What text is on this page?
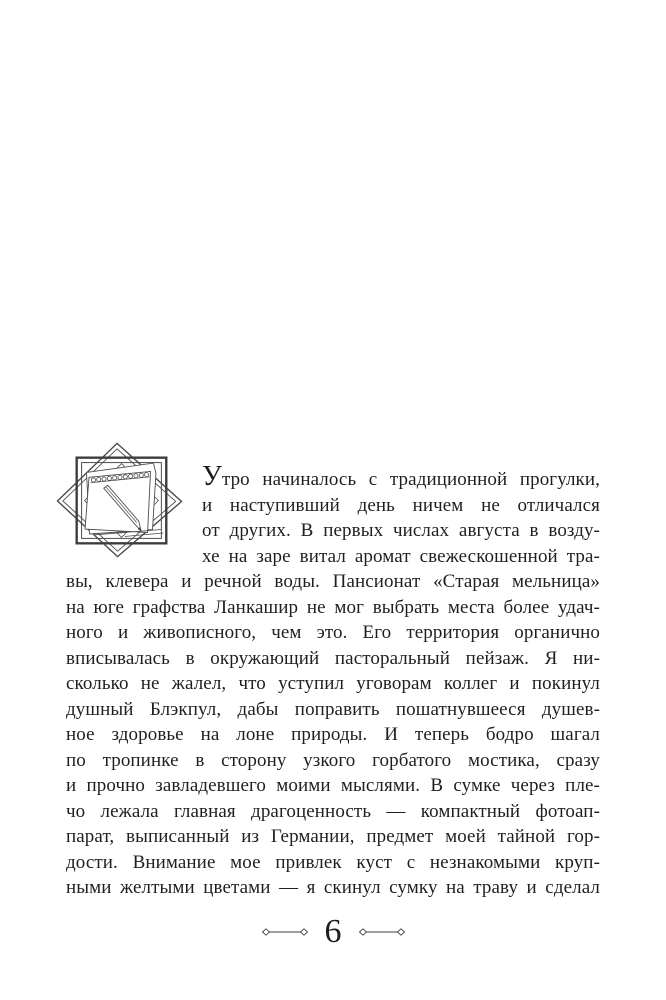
Утро начиналось с традиционной прогулки,
и наступивший день ничем не отличался
от других. В первых числах августа в возду-
хе на заре витал аромат свежескошенной тра-
вы, клевера и речной воды. Пансионат «Старая мельница»
на юге графства Ланкашир не мог выбрать места более удач-
ного и живописного, чем это. Его территория органично
вписывалась в окружающий пасторальный пейзаж. Я ни-
сколько не жалел, что уступил уговорам коллег и покинул
душный Блэкпул, дабы поправить пошатнувшееся душев-
ное здоровье на лоне природы. И теперь бодро шагал
по тропинке в сторону узкого горбатого мостика, сразу
и прочно завладевшего моими мыслями. В сумке через пле-
чо лежала главная драгоценность — компактный фотоап-
парат, выписанный из Германии, предмет моей тайной гор-
дости. Внимание мое привлек куст с незнакомыми круп-
ными желтыми цветами — я скинул сумку на траву и сделал
6
